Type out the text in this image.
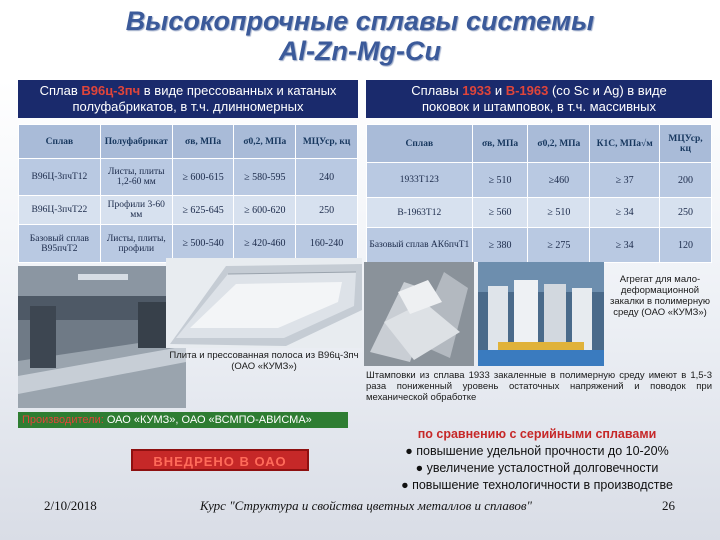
Высокопрочные сплавы системы
Al-Zn-Mg-Cu
Сплав В96ц-3пч в виде прессованных и катаных
полуфабрикатов, в т.ч. длинномерных
Сплавы 1933 и В-1963 (со Sc и Ag) в виде
поковок и штамповок, в т.ч. массивных
Сплав	Полуфабрикат	σв, МПа	σ0,2, МПа	МЦУср, кц
В96Ц-3пчТ12	Листы, плиты 1,2-60 мм	≥ 600-615	≥ 580-595	240
В96Ц-3пчТ22	Профили 3-60 мм	≥ 625-645	≥ 600-620	250
Базовый сплав В95пчТ2	Листы, плиты, профили	≥ 500-540	≥ 420-460	160-240
Сплав	σв, МПа	σ0,2, МПа	К1С, МПа√м	МЦУср, кц
1933Т12З	≥ 510	≥460	≥ 37	200
В-1963Т12	≥ 560	≥ 510	≥ 34	250
Базовый сплав АК6пчТ1	≥ 380	≥ 275	≥ 34	120
Плита и прессованная полоса из В96ц-3пч (ОАО «КУМЗ»)
Агрегат для мало-деформационной закалки в полимерную среду (ОАО «КУМЗ»)
Штамповки из сплава 1933 закаленные в полимерную среду имеют в 1,5-3 раза пониженный уровень остаточных напряжений и поводок при механической обработке
Производители: ОАО «КУМЗ», ОАО «ВСМПО-АВИСМА»
ВНЕДРЕНО В ОАО
по сравнению с серийными сплавами
● повышение удельной прочности до 10-20%
● увеличение усталостной долговечности
● повышение технологичности в производстве
2/10/2018	Курс "Структура и свойства цветных металлов и сплавов"	26
